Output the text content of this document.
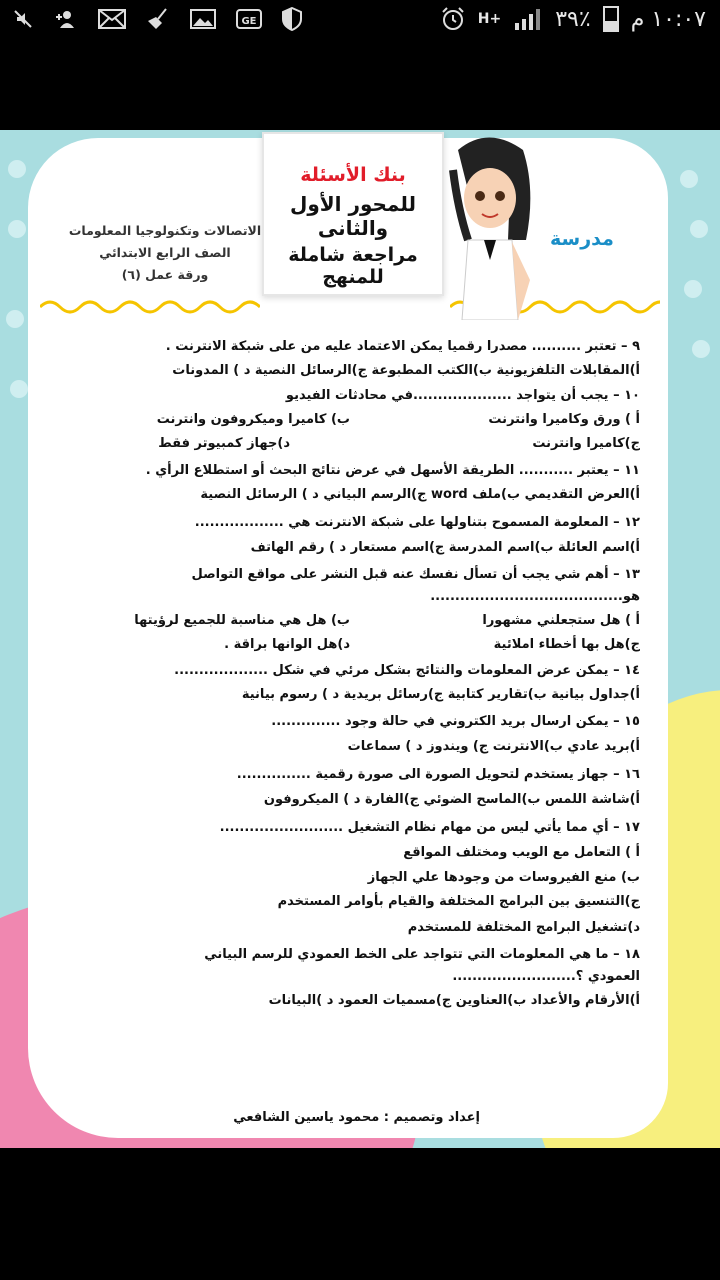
GE	H+ ٣٩٪ ١٠:٠٧ م
الاتصالات وتكنولوجيا المعلومات
الصف الرابع الابتدائي
ورقة عمل (٦)
بنك الأسئلة
للمحور الأول والثانى
مراجعة شاملة للمنهج
مدرسة
٩ – تعتبر .......... مصدرا رقميا يمكن الاعتماد عليه من على شبكة الانترنت .
أ)المقابلات التلفزيونية ب)الكتب المطبوعة ج)الرسائل النصية د ) المدونات
١٠ – يجب أن يتواجد ....................في محادثات الفيديو
أ ) ورق وكاميرا وانترنت
ب) كاميرا وميكروفون وانترنت
ج)كاميرا وانترنت
د)جهاز كمبيوتر فقط
١١ – يعتبر ........... الطريقة الأسهل في عرض نتائج البحث أو استطلاع الرأي .
أ)العرض التقديمي ب)ملف word ج)الرسم البياني د ) الرسائل النصية
١٢ – المعلومة المسموح بتناولها على شبكة الانترنت هي ..................
أ)اسم العائلة ب)اسم المدرسة ج)اسم مستعار د ) رقم الهاتف
١٣ – أهم شي يجب أن تسأل نفسك عنه قبل النشر على مواقع التواصل
هو.......................................
أ ) هل ستجعلني مشهورا
ب) هل هي مناسبة للجميع لرؤيتها
ج)هل بها أخطاء املائية
د)هل الوانها براقة .
١٤ – يمكن عرض المعلومات والنتائج بشكل مرئي في شكل ...................
أ)جداول بيانية ب)تقارير كتابية ج)رسائل بريدية د ) رسوم بيانية
١٥ – يمكن ارسال بريد الكتروني في حالة وجود ..............
أ)بريد عادي ب)الانترنت ج) ويندوز د ) سماعات
١٦ – جهاز يستخدم لتحويل الصورة الى صورة رقمية ...............
أ)شاشة اللمس ب)الماسح الضوئي ج)الفارة د ) الميكروفون
١٧ – أي مما يأتي ليس من مهام نظام التشغيل .........................
أ ) التعامل مع الويب ومختلف المواقع
ب) منع الفيروسات من وجودها علي الجهاز
ج)التنسيق بين البرامج المختلفة والقيام بأوامر المستخدم
د)تشغيل البرامج المختلفة للمستخدم
١٨ – ما هي المعلومات التي تتواجد على الخط العمودي للرسم البياني
العمودي ؟.........................
أ)الأرقام والأعداد ب)العناوين ج)مسميات العمود د )البيانات
إعداد وتصميم : محمود ياسين الشافعي
